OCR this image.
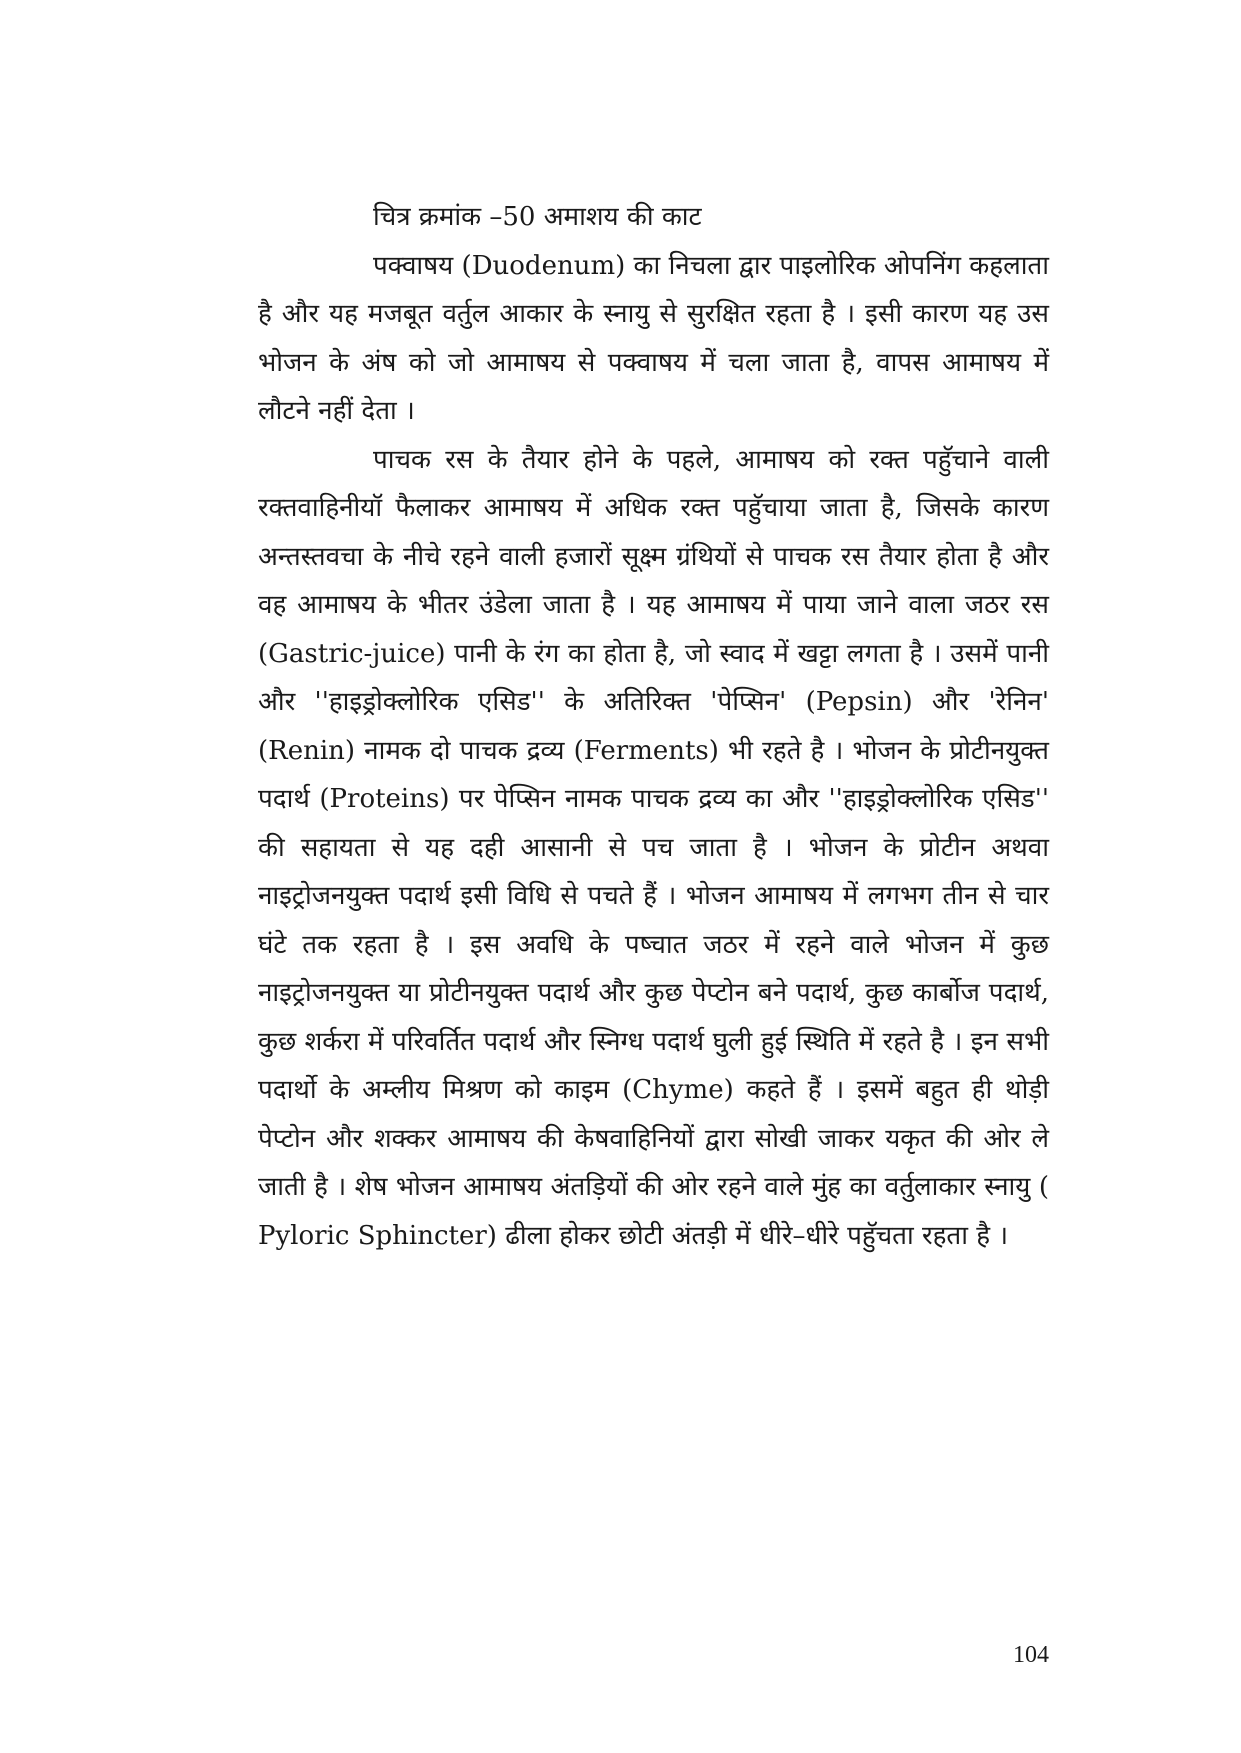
चित्र क्रमांक –50 अमाशय की काट

पक्वाषय (Duodenum) का निचला द्वार पाइलोरिक ओपनिंग कहलाता है और यह मजबूत वर्तुल आकार के स्नायु से सुरक्षित रहता है । इसी कारण यह उस भोजन के अंष को जो आमाषय से पक्वाषय में चला जाता है, वापस आमाषय में लौटने नहीं देता ।

पाचक रस के तैयार होने के पहले, आमाषय को रक्त पहुॅचाने वाली रक्तवाहिनीयॉ फैलाकर आमाषय में अधिक रक्त पहुॅचाया जाता है, जिसके कारण अन्तस्तवचा के नीचे रहने वाली हजारों सूक्ष्म ग्रंथियों से पाचक रस तैयार होता है और वह आमाषय के भीतर उंडेला जाता है । यह आमाषय में पाया जाने वाला जठर रस (Gastric-juice) पानी के रंग का होता है, जो स्वाद में खट्टा लगता है । उसमें पानी और ''हाइड्रोक्लोरिक एसिड'' के अतिरिक्त 'पेप्सिन' (Pepsin) और 'रेनिन' (Renin) नामक दो पाचक द्रव्य (Ferments) भी रहते है । भोजन के प्रोटीनयुक्त पदार्थ (Proteins) पर पेप्सिन नामक पाचक द्रव्य का और ''हाइड्रोक्लोरिक एसिड'' की सहायता से यह दही आसानी से पच जाता है । भोजन के प्रोटीन अथवा नाइट्रोजनयुक्त पदार्थ इसी विधि से पचते हैं । भोजन आमाषय में लगभग तीन से चार घंटे तक रहता है । इस अवधि के पष्चात जठर में रहने वाले भोजन में कुछ नाइट्रोजनयुक्त या प्रोटीनयुक्त पदार्थ और कुछ पेप्टोन बने पदार्थ, कुछ कार्बोज पदार्थ, कुछ शर्करा में परिवर्तित पदार्थ और स्निग्ध पदार्थ घुली हुई स्थिति में रहते है । इन सभी पदार्थो के अम्लीय मिश्रण को काइम (Chyme) कहते हैं । इसमें बहुत ही थोड़ी पेप्टोन और शक्कर आमाषय की केषवाहिनियों द्वारा सोखी जाकर यकृत की ओर ले जाती है । शेष भोजन आमाषय अंतड़ियों की ओर रहने वाले मुंह का वर्तुलाकार स्नायु ( Pyloric Sphincter) ढीला होकर छोटी अंतड़ी में धीरे–धीरे पहुॅचता रहता है ।

104
